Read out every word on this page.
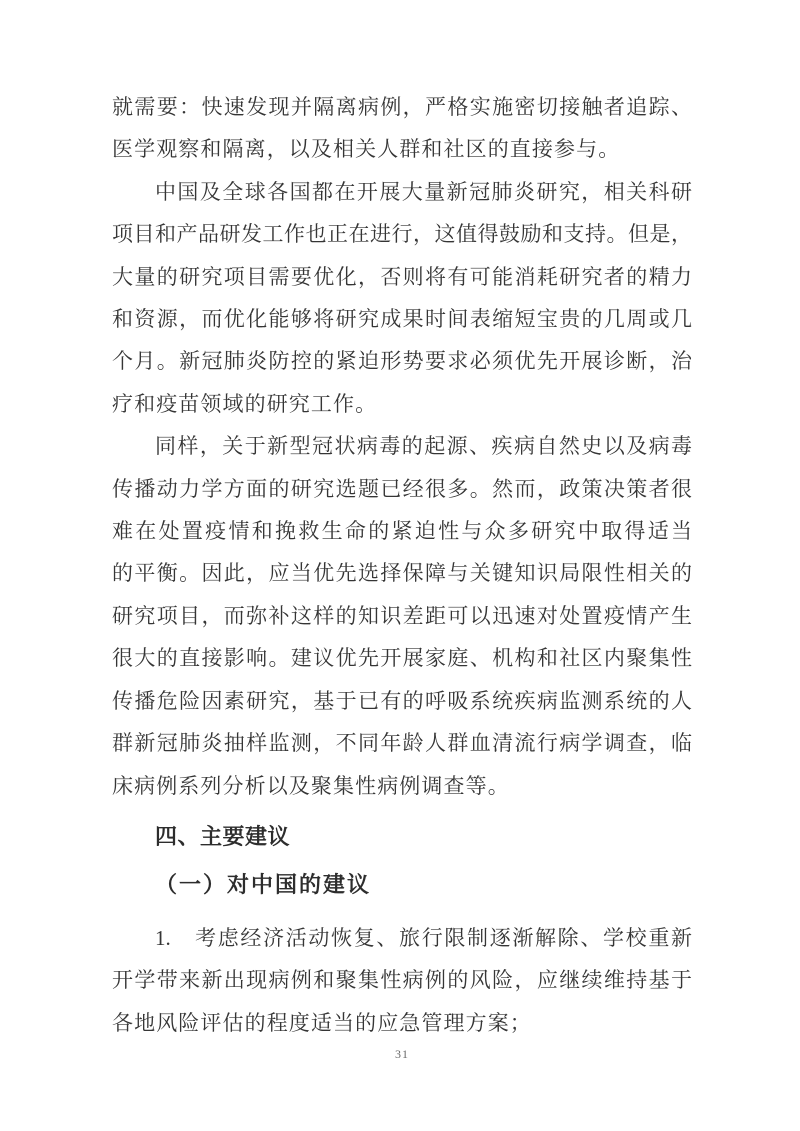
就需要：快速发现并隔离病例，严格实施密切接触者追踪、
医学观察和隔离，以及相关人群和社区的直接参与。
中国及全球各国都在开展大量新冠肺炎研究，相关科研
项目和产品研发工作也正在进行，这值得鼓励和支持。但是，
大量的研究项目需要优化，否则将有可能消耗研究者的精力
和资源，而优化能够将研究成果时间表缩短宝贵的几周或几
个月。新冠肺炎防控的紧迫形势要求必须优先开展诊断，治
疗和疫苗领域的研究工作。
同样，关于新型冠状病毒的起源、疾病自然史以及病毒
传播动力学方面的研究选题已经很多。然而，政策决策者很
难在处置疫情和挽救生命的紧迫性与众多研究中取得适当
的平衡。因此，应当优先选择保障与关键知识局限性相关的
研究项目，而弥补这样的知识差距可以迅速对处置疫情产生
很大的直接影响。建议优先开展家庭、机构和社区内聚集性
传播危险因素研究，基于已有的呼吸系统疾病监测系统的人
群新冠肺炎抽样监测，不同年龄人群血清流行病学调查，临
床病例系列分析以及聚集性病例调查等。
四、主要建议
（一）对中国的建议
1.　考虑经济活动恢复、旅行限制逐渐解除、学校重新
开学带来新出现病例和聚集性病例的风险，应继续维持基于
各地风险评估的程度适当的应急管理方案；
31
